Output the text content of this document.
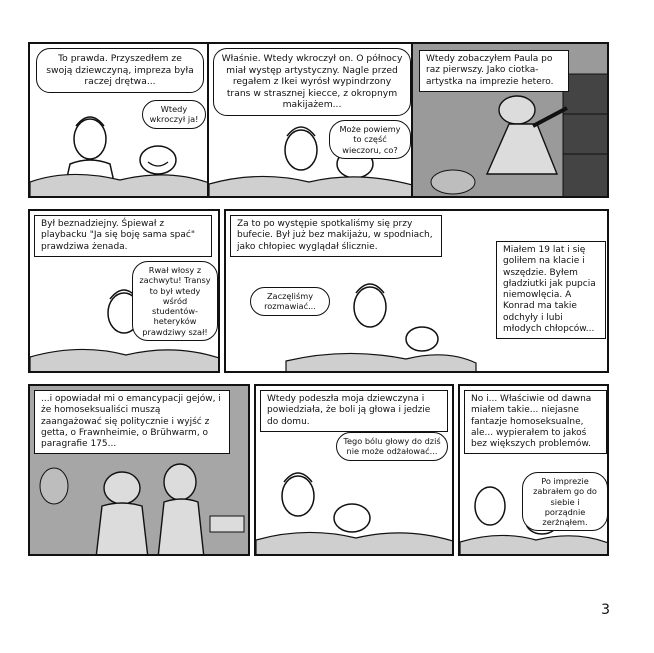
To prawda. Przyszedłem ze swoją dziewczyną, impreza była raczej drętwa...
Wtedy wkroczył ja!
Właśnie. Wtedy wkroczył on. O północy miał występ artystyczny. Nagle przed regałem z Ikei wyrósł wypindrzony trans w strasznej kiecce, z okropnym makijażem...
Może powiemy to część wieczoru, co?
Wtedy zobaczyłem Paula po raz pierwszy. Jako ciotka-artystka na imprezie hetero.
Był beznadziejny. Śpiewał z playbacku "Ja się boję sama spać" prawdziwa żenada.
Rwał włosy z zachwytu! Transy to był wtedy wśród studentów-heteryków prawdziwy szał!
Za to po występie spotkaliśmy się przy bufecie. Był już bez makijażu, w spodniach, jako chłopiec wyglądał ślicznie.
Zaczęliśmy rozmawiać...
Miałem 19 lat i się goliłem na klacie i wszędzie. Byłem gładziutki jak pupcia niemowlęcia. A Konrad ma takie odchyły i lubi młodych chłopców...
...i opowiadał mi o emancypacji gejów, i że homoseksualiści muszą zaangażować się politycznie i wyjść z getta, o Frawnheimie, o Brühwarm, o paragrafie 175...
Wtedy podeszła moja dziewczyna i powiedziała, że boli ją głowa i jedzie do domu.
Tego bólu głowy do dziś nie może odżałować...
No i... Właściwie od dawna miałem takie... niejasne fantazje homoseksualne, ale... wypierałem to jakoś bez większych problemów.
Po imprezie zabrałem go do siebie i porządnie zerżnąłem.
3
